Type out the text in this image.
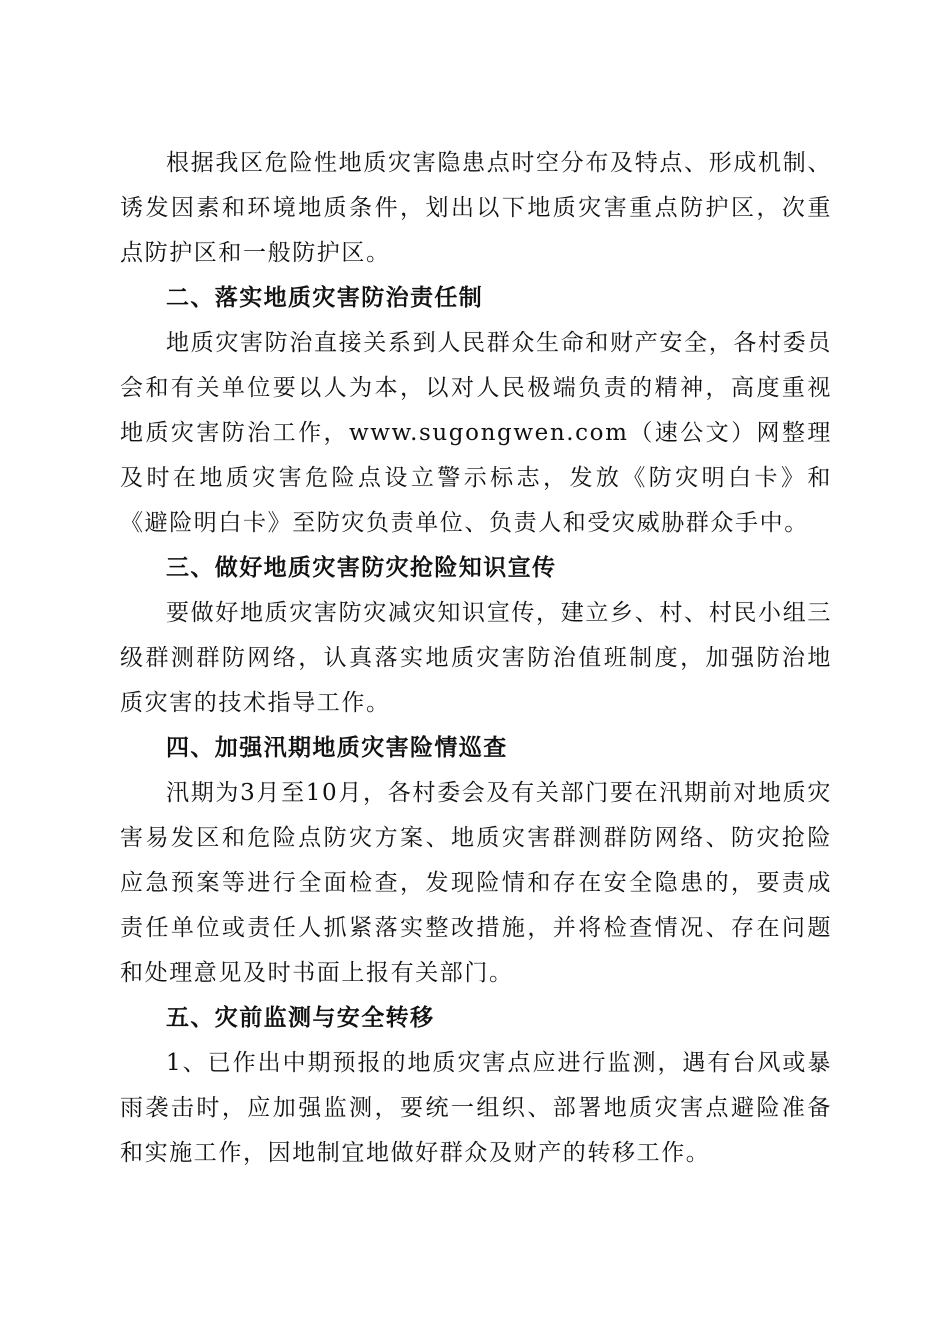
根据我区危险性地质灾害隐患点时空分布及特点、形成机制、诱发因素和环境地质条件，划出以下地质灾害重点防护区，次重点防护区和一般防护区。

二、落实地质灾害防治责任制

地质灾害防治直接关系到人民群众生命和财产安全，各村委员会和有关单位要以人为本，以对人民极端负责的精神，高度重视地质灾害防治工作，www.sugongwen.com（速公文）网整理及时在地质灾害危险点设立警示标志，发放《防灾明白卡》和《避险明白卡》至防灾负责单位、负责人和受灾威胁群众手中。

三、做好地质灾害防灾抢险知识宣传

要做好地质灾害防灾减灾知识宣传，建立乡、村、村民小组三级群测群防网络，认真落实地质灾害防治值班制度，加强防治地质灾害的技术指导工作。

四、加强汛期地质灾害险情巡查

汛期为3月至10月，各村委会及有关部门要在汛期前对地质灾害易发区和危险点防灾方案、地质灾害群测群防网络、防灾抢险应急预案等进行全面检查，发现险情和存在安全隐患的，要责成责任单位或责任人抓紧落实整改措施，并将检查情况、存在问题和处理意见及时书面上报有关部门。

五、灾前监测与安全转移

1、已作出中期预报的地质灾害点应进行监测，遇有台风或暴雨袭击时，应加强监测，要统一组织、部署地质灾害点避险准备和实施工作，因地制宜地做好群众及财产的转移工作。
